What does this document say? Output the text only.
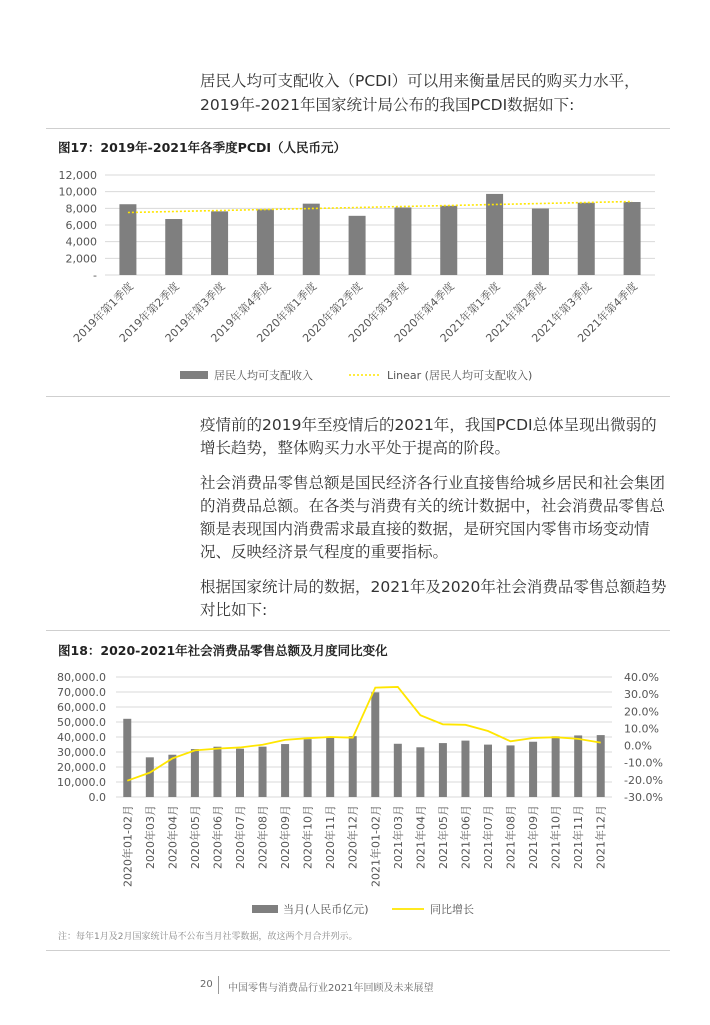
居民人均可支配收入（PCDI）可以用来衡量居民的购买力水平，

2019年-2021年国家统计局公布的我国PCDI数据如下:

图17：2019年-2021年各季度PCDI（人民币元）

-
2,000
4,000
6,000
8,000
10,000
12,000
2019年第1季度
2019年第2季度
2019年第3季度
2019年第4季度
2020年第1季度
2020年第2季度
2020年第3季度
2020年第4季度
2021年第1季度
2021年第2季度
2021年第3季度
2021年第4季度
居民人均可支配收入	Linear (居民人均可支配收入)

疫情前的2019年至疫情后的2021年，我国PCDI总体呈现出微弱的增长趋势，整体购买力水平处于提高的阶段。

社会消费品零售总额是国民经济各行业直接售给城乡居民和社会集团的消费品总额。在各类与消费有关的统计数据中，社会消费品零售总额是表现国内消费需求最直接的数据，是研究国内零售市场变动情况、反映经济景气程度的重要指标。

根据国家统计局的数据，2021年及2020年社会消费品零售总额趋势对比如下:

图18：2020-2021年社会消费品零售总额及月度同比变化

0.0
10,000.0
20,000.0
30,000.0
40,000.0
50,000.0
60,000.0
70,000.0
80,000.0
-30.0%
-20.0%
-10.0%
0.0%
10.0%
20.0%
30.0%
40.0%
2020年01-02月 2020年03月 2020年04月 2020年05月 2020年06月 2020年07月 2020年08月 2020年09月 2020年10月 2020年11月 2020年12月 2021年01-02月 2021年03月 2021年04月 2021年05月 2021年06月 2021年07月 2021年08月 2021年09月 2021年10月 2021年11月 2021年12月
当月(人民币亿元)	同比增长

注：每年1月及2月国家统计局不公布当月社零数据，故这两个月合并列示。

20 中国零售与消费品行业2021年回顾及未来展望
